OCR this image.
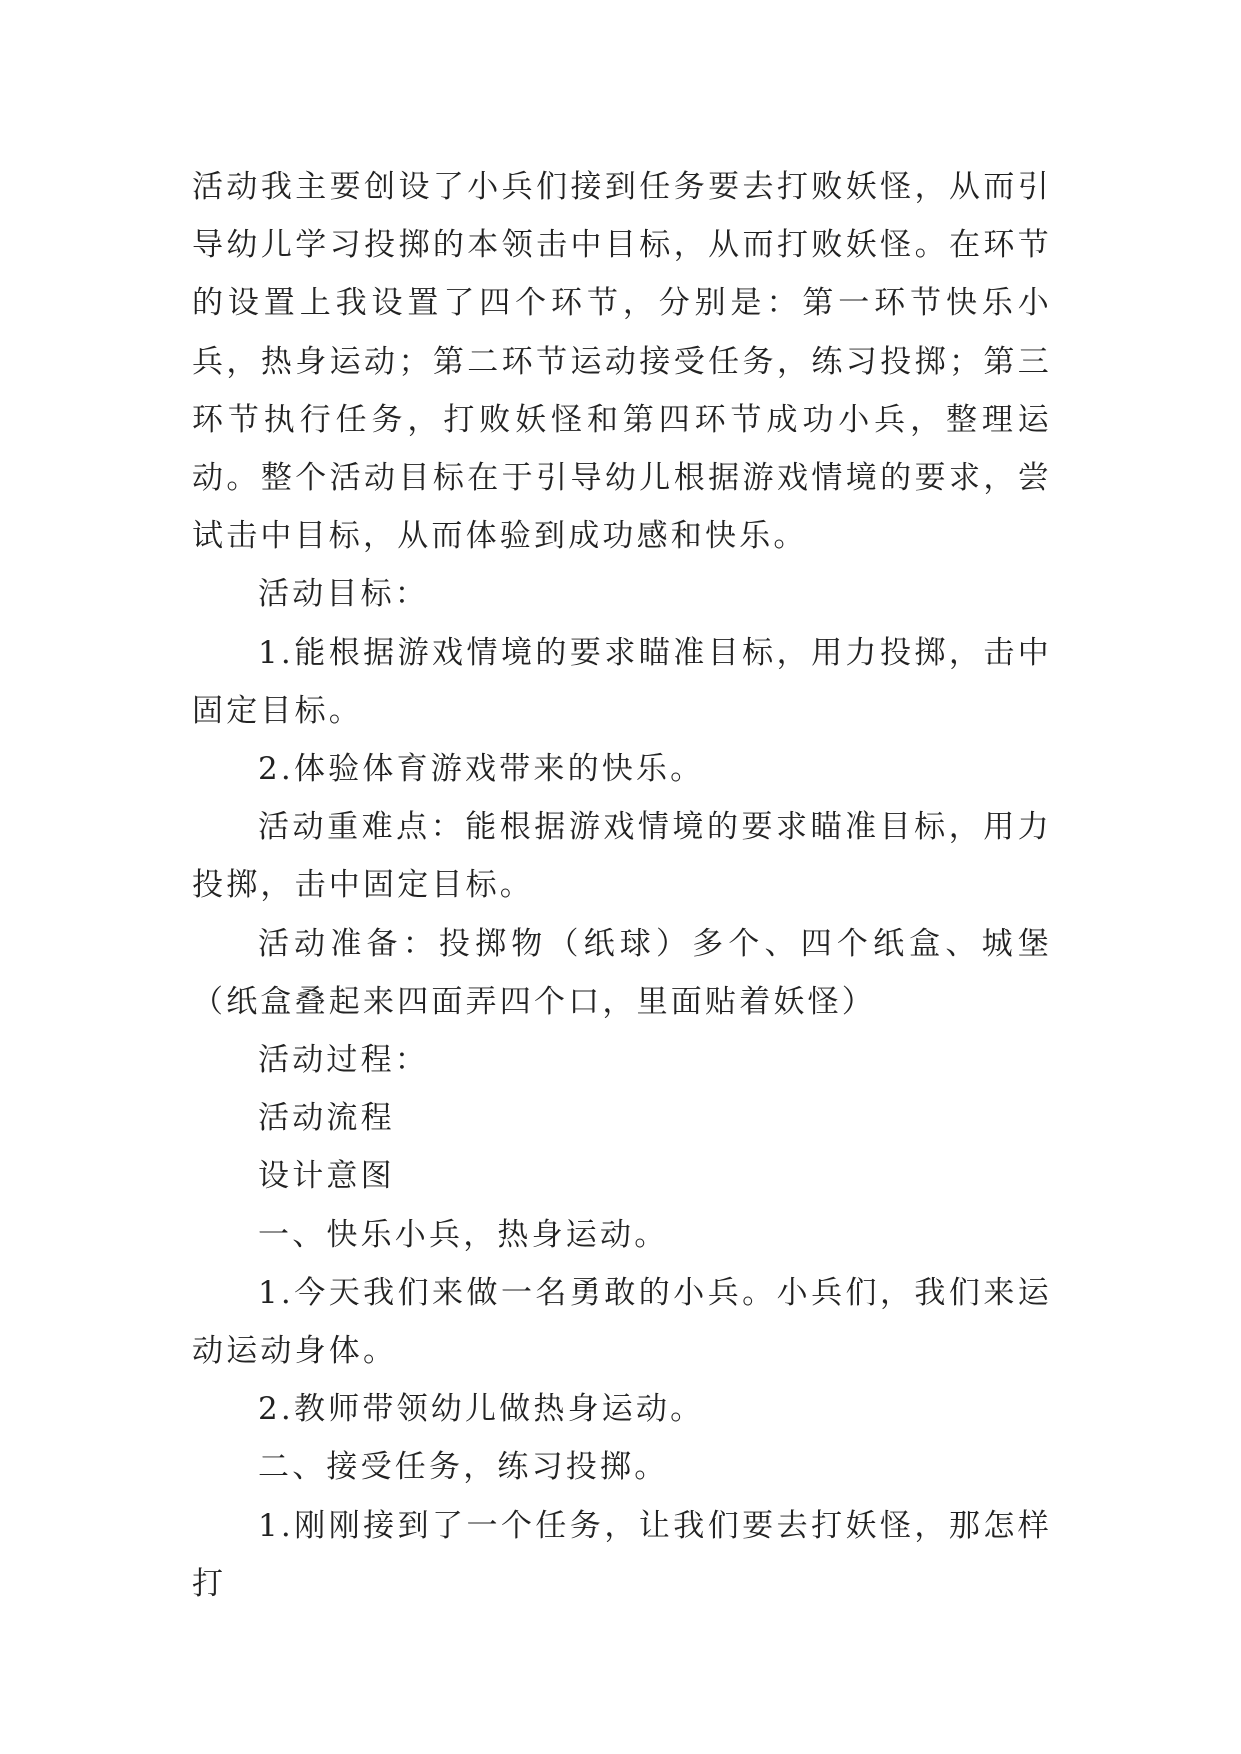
活动我主要创设了小兵们接到任务要去打败妖怪，从而引导幼儿学习投掷的本领击中目标，从而打败妖怪。在环节的设置上我设置了四个环节，分别是：第一环节快乐小兵，热身运动；第二环节运动接受任务，练习投掷；第三环节执行任务，打败妖怪和第四环节成功小兵，整理运动。整个活动目标在于引导幼儿根据游戏情境的要求，尝试击中目标，从而体验到成功感和快乐。

活动目标：

1.能根据游戏情境的要求瞄准目标，用力投掷，击中固定目标。

2.体验体育游戏带来的快乐。

活动重难点：能根据游戏情境的要求瞄准目标，用力投掷，击中固定目标。

活动准备：投掷物（纸球）多个、四个纸盒、城堡（纸盒叠起来四面弄四个口，里面贴着妖怪）

活动过程：

活动流程

设计意图

一、快乐小兵，热身运动。

1.今天我们来做一名勇敢的小兵。小兵们，我们来运动运动身体。

2.教师带领幼儿做热身运动。

二、接受任务，练习投掷。

1.刚刚接到了一个任务，让我们要去打妖怪，那怎样打
